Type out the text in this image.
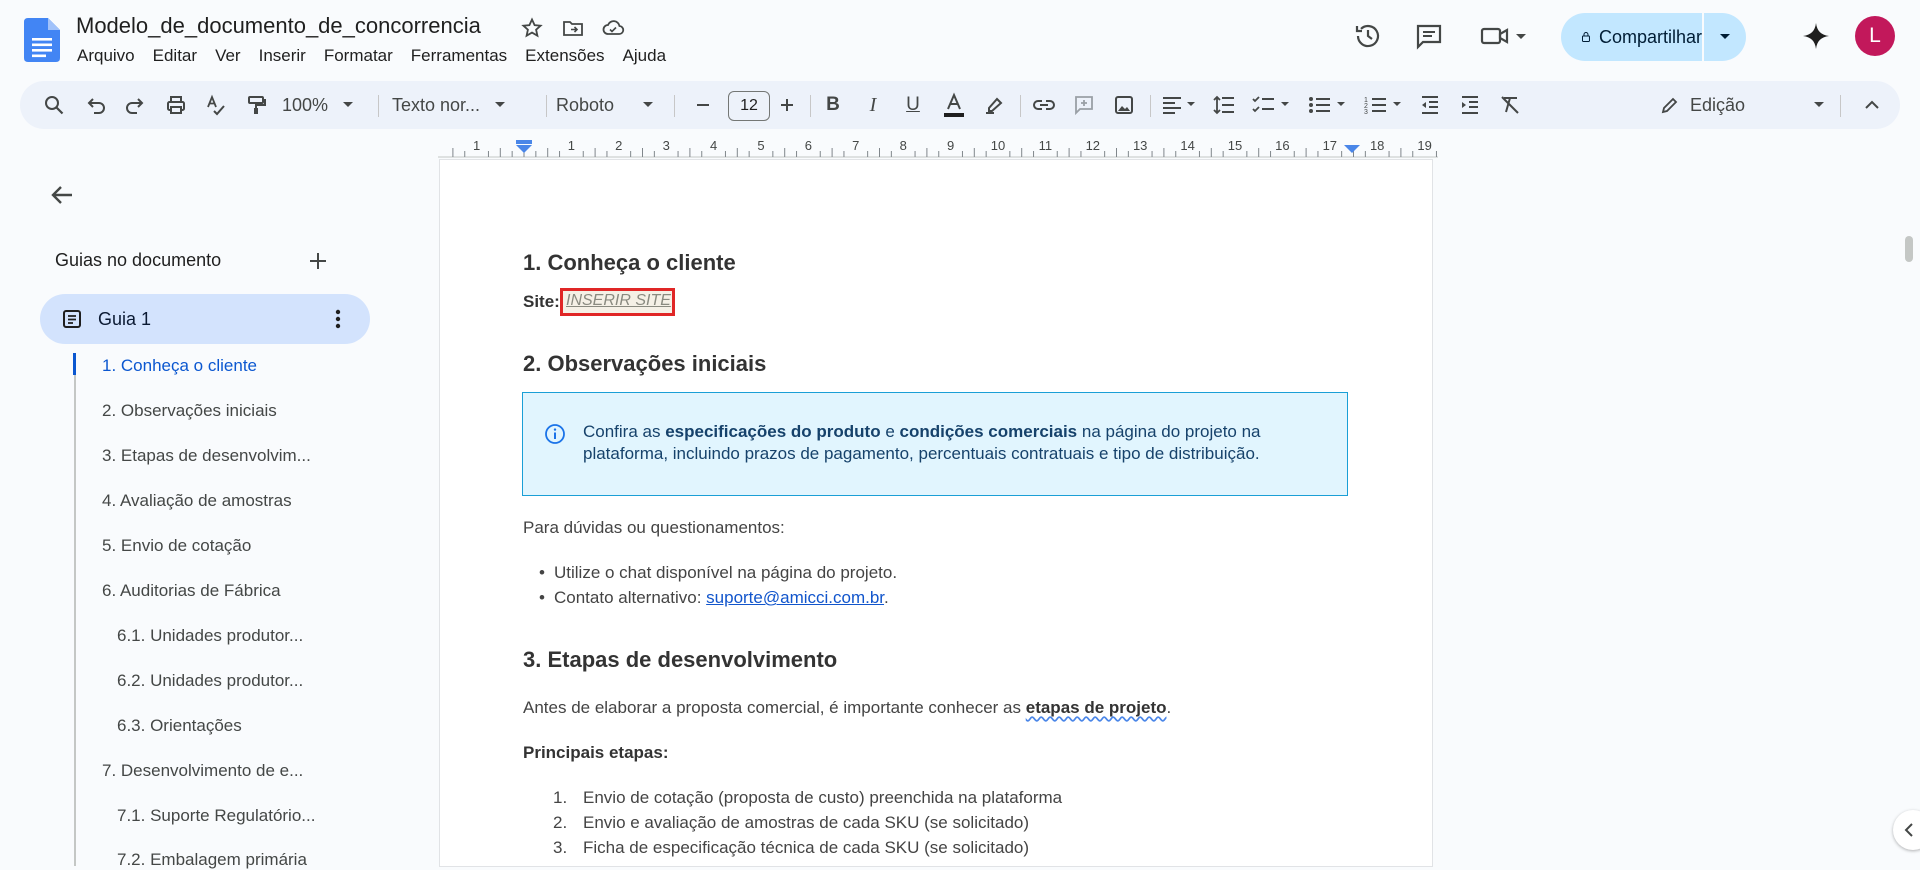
Modelo_de_documento_de_concorrencia
Arquivo	Editar	Ver	Inserir	Formatar	Ferramentas	Extensões	Ajuda
Compartilhar	L
100%	Texto nor...	Roboto	12	B	I	U	1
2
3	Edição
1	1	2	3	4	5	6	7	8	9	10	11	12	13	14	15	16	17	18	19
Guias no documento
Guia 1
1. Conheça o cliente
2. Observações iniciais
3. Etapas de desenvolvim...
4. Avaliação de amostras
5. Envio de cotação
6. Auditorias de Fábrica
6.1. Unidades produtor...
6.2. Unidades produtor...
6.3. Orientações
7. Desenvolvimento de e...
7.1. Suporte Regulatório...
7.2. Embalagem primária
1. Conheça o cliente
Site: INSERIR SITE
2. Observações iniciais
Confira as especificações do produto e condições comerciais na página do projeto na plataforma, incluindo prazos de pagamento, percentuais contratuais e tipo de distribuição.
Para dúvidas ou questionamentos:
• Utilize o chat disponível na página do projeto.
• Contato alternativo: suporte@amicci.com.br.
3. Etapas de desenvolvimento
Antes de elaborar a proposta comercial, é importante conhecer as etapas de projeto.
Principais etapas:
1. Envio de cotação (proposta de custo) preenchida na plataforma
2. Envio e avaliação de amostras de cada SKU (se solicitado)
3. Ficha de especificação técnica de cada SKU (se solicitado)
